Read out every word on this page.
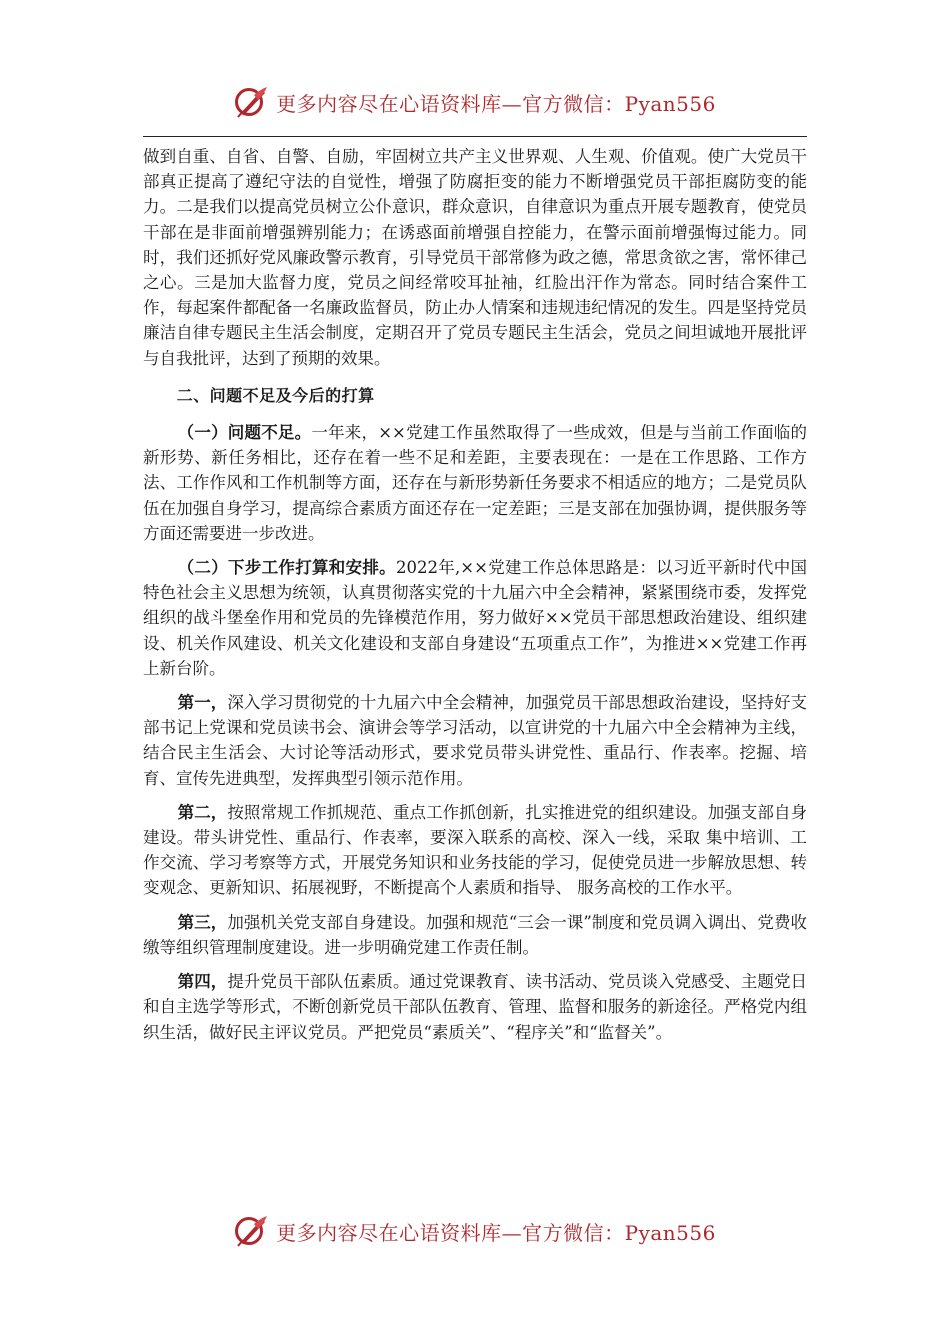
更多内容尽在心语资料库—官方微信：Pyan556

做到自重、自省、自警、自励，牢固树立共产主义世界观、人生观、价值观。使广大党员干部真正提高了遵纪守法的自觉性，增强了防腐拒变的能力不断增强党员干部拒腐防变的能力。二是我们以提高党员树立公仆意识，群众意识，自律意识为重点开展专题教育，使党员干部在是非面前增强辨别能力；在诱惑面前增强自控能力，在警示面前增强悔过能力。同时，我们还抓好党风廉政警示教育，引导党员干部常修为政之德，常思贪欲之害，常怀律己之心。三是加大监督力度，党员之间经常咬耳扯袖，红脸出汗作为常态。同时结合案件工作，每起案件都配备一名廉政监督员，防止办人情案和违规违纪情况的发生。四是坚持党员廉洁自律专题民主生活会制度，定期召开了党员专题民主生活会，党员之间坦诚地开展批评与自我批评，达到了预期的效果。

二、问题不足及今后的打算

（一）问题不足。一年来，××党建工作虽然取得了一些成效，但是与当前工作面临的新形势、新任务相比，还存在着一些不足和差距，主要表现在：一是在工作思路、工作方法、工作作风和工作机制等方面，还存在与新形势新任务要求不相适应的地方；二是党员队伍在加强自身学习，提高综合素质方面还存在一定差距；三是支部在加强协调，提供服务等方面还需要进一步改进。

（二）下步工作打算和安排。2022年,××党建工作总体思路是：以习近平新时代中国特色社会主义思想为统领，认真贯彻落实党的十九届六中全会精神，紧紧围绕市委，发挥党组织的战斗堡垒作用和党员的先锋模范作用，努力做好××党员干部思想政治建设、组织建设、机关作风建设、机关文化建设和支部自身建设“五项重点工作”，为推进××党建工作再上新台阶。

第一，深入学习贯彻党的十九届六中全会精神，加强党员干部思想政治建设，坚持好支部书记上党课和党员读书会、演讲会等学习活动，以宣讲党的十九届六中全会精神为主线，结合民主生活会、大讨论等活动形式，要求党员带头讲党性、重品行、作表率。挖掘、培育、宣传先进典型，发挥典型引领示范作用。

第二，按照常规工作抓规范、重点工作抓创新，扎实推进党的组织建设。加强支部自身建设。带头讲党性、重品行、作表率，要深入联系的高校、深入一线，采取 集中培训、工作交流、学习考察等方式，开展党务知识和业务技能的学习，促使党员进一步解放思想、转变观念、更新知识、拓展视野，不断提高个人素质和指导、 服务高校的工作水平。

第三，加强机关党支部自身建设。加强和规范“三会一课”制度和党员调入调出、党费收缴等组织管理制度建设。进一步明确党建工作责任制。

第四，提升党员干部队伍素质。通过党课教育、读书活动、党员谈入党感受、主题党日和自主选学等形式，不断创新党员干部队伍教育、管理、监督和服务的新途径。严格党内组织生活，做好民主评议党员。严把党员“素质关”、“程序关”和“监督关”。

更多内容尽在心语资料库—官方微信：Pyan556
